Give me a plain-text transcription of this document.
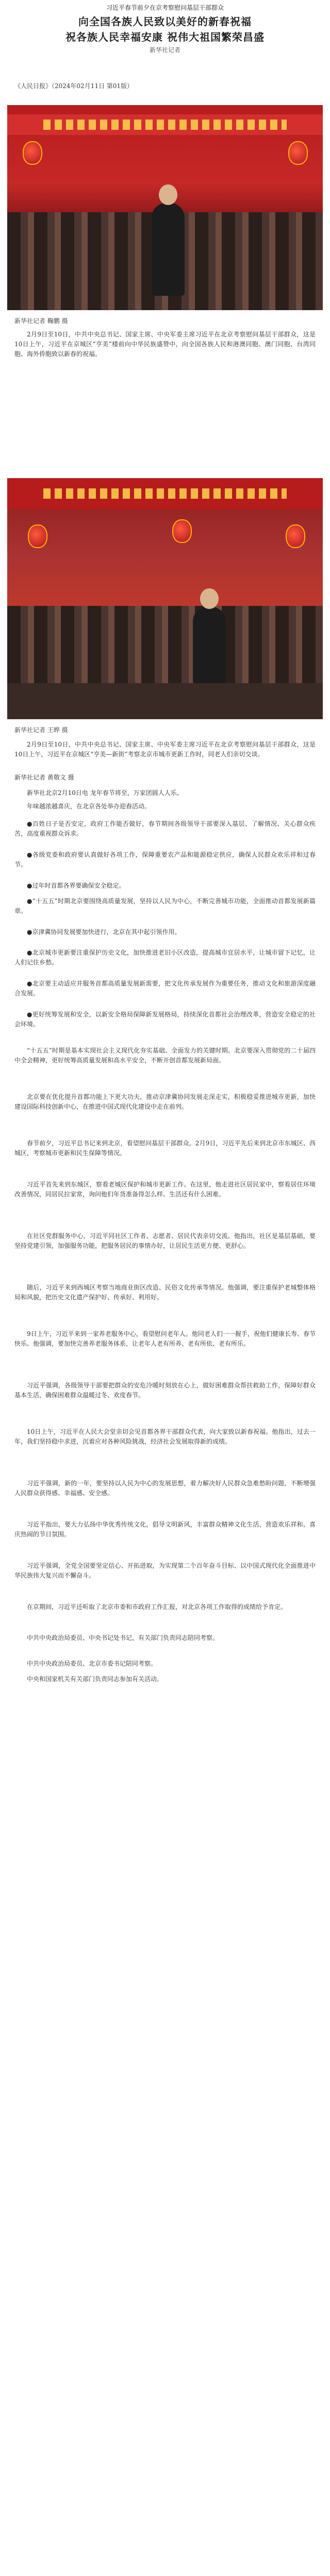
习近平春节前夕在京考察慰问基层干部群众
向全国各族人民致以美好的新春祝福
祝各族人民幸福安康 祝伟大祖国繁荣昌盛
新华社记者
《人民日报》（2024年02月11日 第01版）
新华社记者 鞠鹏 摄

2月9日至10日，中共中央总书记、国家主席、中央军委主席习近平在北京考察慰问基层干部群众，这是10日上午，习近平在京城区“亨美”楼前向中华民族盛赞中，向全国各族人民和港澳同胞、澳门同胞、台湾同胞、海外侨胞致以新春的祝福。

新华社记者 王晔 摄

2月9日至10日，中共中央总书记、国家主席、中央军委主席习近平在北京考察慰问基层干部群众，这是10日上午，习近平在京城区“亨美—新街”考察北京市城市更新工作时，同老人们亲切交谈。

新华社记者 黄敬文 摄

新华社北京2月10日电 龙年春节将至，万家团圆人人乐。

年味越浓越喜庆，在北京各处举办迎春活动。

●百姓日子是否安定，政府工作能否做好，春节期间各级领导干部要深入基层、了解情况、关心群众疾苦，高度重视群众诉求。

●各级党委和政府要认真做好各项工作，保障重要农产品和能源稳定供应，确保人民群众欢乐祥和过春节。

●过年时首都各界要确保安全稳定。

●“十五五”时期北京要围绕高质量发展，坚持以人民为中心，不断完善城市功能，全面推动首都发展新篇章。

●京津冀协同发展要加快进行，北京在其中起引领作用。

●北京城市更新要注重保护历史文化，加快推进老旧小区改造，提高城市宜居水平，让城市留下记忆，让人们记住乡愁。

●北京要主动适应并服务首都高质量发展新需要，把文化传承发展作为重要任务，推动文化和旅游深度融合发展。

●更好统筹发展和安全，以新安全格局保障新发展格局，持续深化首都社会治理改革，营造安全稳定的社会环境。

“十五五”时期是基本实现社会主义现代化夯实基础、全面发力的关键时期。北京要深入贯彻党的二十届四中全会精神，更好统筹高质量发展和高水平安全，不断开创首都发展新局面。

北京要在优化提升首都功能上下更大功夫，推动京津冀协同发展走深走实，积极稳妥推进城市更新，加快建设国际科技创新中心，在推进中国式现代化建设中走在前列。

春节前夕，习近平总书记来到北京，看望慰问基层干部群众。2月9日，习近平先后来到北京市东城区、西城区，考察城市更新和民生保障等情况。

习近平首先来到东城区，察看老城区保护和城市更新工作。在这里，他走进社区居民家中，察看居住环境改善情况，同居民拉家常，询问他们年货准备得怎么样、生活还有什么困难。

在社区党群服务中心，习近平同社区工作者、志愿者、居民代表亲切交流。他指出，社区是基层基础，要坚持党建引领，加强服务功能，把服务居民的事情办好，让居民生活更方便、更舒心。

随后，习近平来到西城区考察当地商业街区改造、民俗文化传承等情况。他强调，要注重保护老城整体格局和风貌，把历史文化遗产保护好、传承好、利用好。

9日上午，习近平来到一家养老服务中心，看望慰问老年人。他同老人们一一握手，祝他们健康长寿、春节快乐。他强调，要加快完善养老服务体系，让老年人老有所养、老有所依、老有所乐。

习近平强调，各级领导干部要把群众的安危冷暖时刻放在心上，做好困难群众帮扶救助工作，保障好群众基本生活，确保困难群众温暖过冬、欢度春节。

10日上午，习近平在人民大会堂亲切会见首都各界干部群众代表，向大家致以新春祝福。他指出，过去一年，我们坚持稳中求进，沉着应对各种风险挑战，经济社会发展取得新的成绩。

习近平强调，新的一年，要坚持以人民为中心的发展思想，着力解决好人民群众急难愁盼问题，不断增强人民群众获得感、幸福感、安全感。

习近平指出，要大力弘扬中华优秀传统文化，倡导文明新风，丰富群众精神文化生活，营造欢乐祥和、喜庆热闹的节日氛围。

习近平强调，全党全国要坚定信心、开拓进取，为实现第二个百年奋斗目标、以中国式现代化全面推进中华民族伟大复兴而不懈奋斗。

在京期间，习近平还听取了北京市委和市政府工作汇报，对北京各项工作取得的成绩给予肯定。

中共中央政治局委员、中央书记处书记，有关部门负责同志陪同考察。

中共中央政治局委员、北京市委书记陪同考察。

中央和国家机关有关部门负责同志参加有关活动。
